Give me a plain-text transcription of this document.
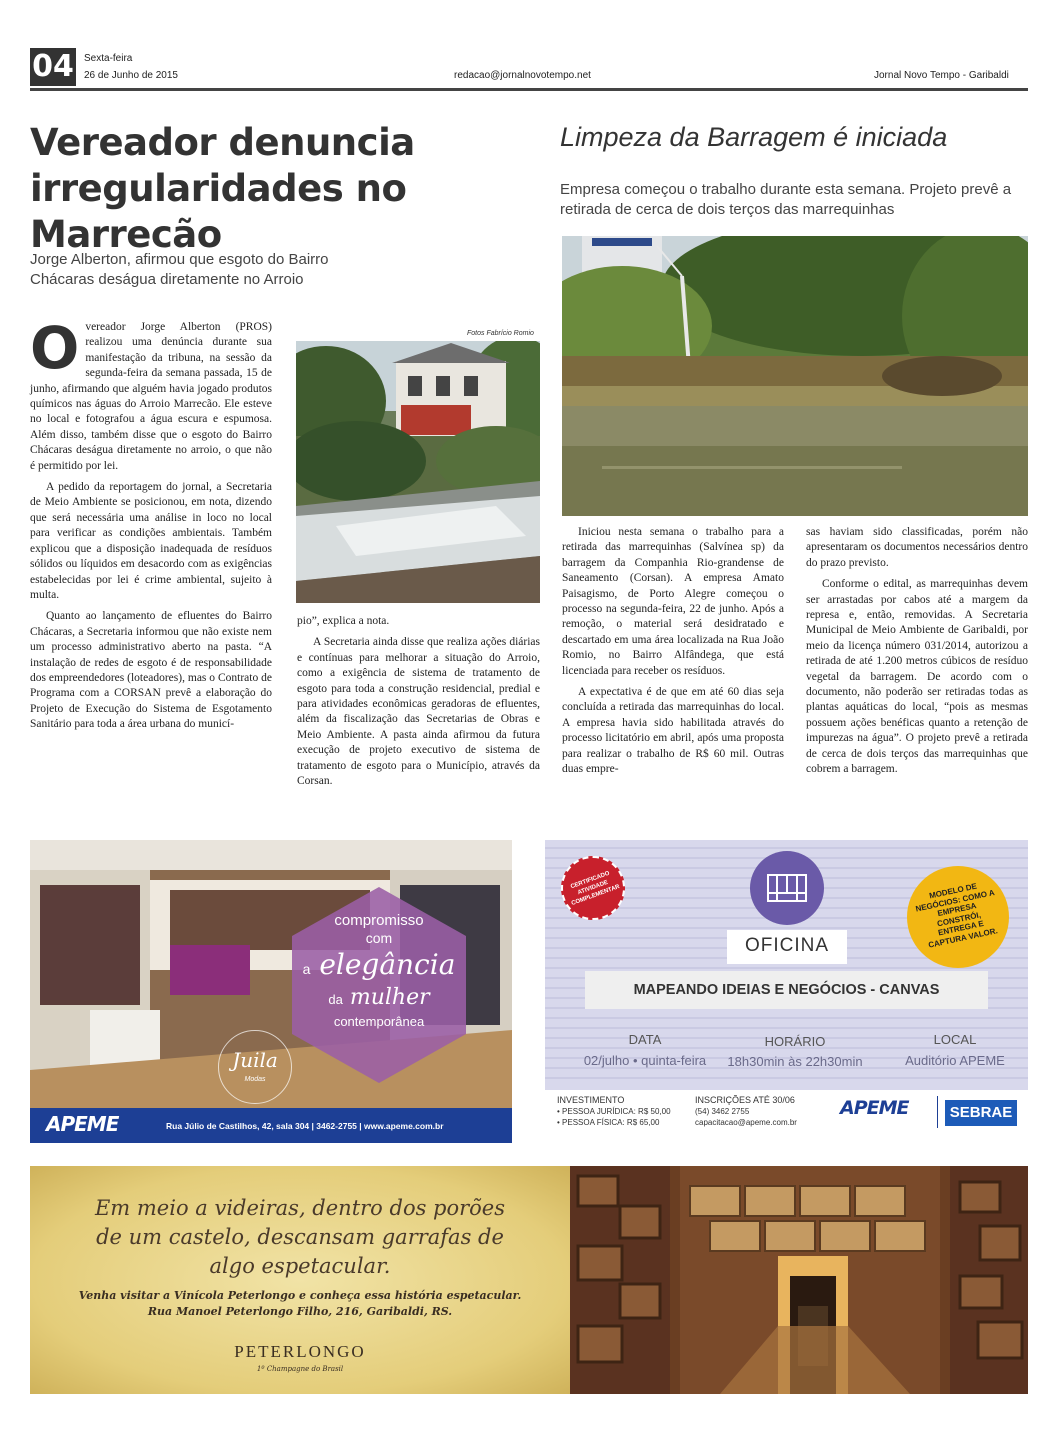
04 Sexta-feira
26 de Junho de 2015	redacao@jornalnovotempo.net	Jornal Novo Tempo - Garibaldi
Vereador denuncia irregularidades no Marrecão
Jorge Alberton, afirmou que esgoto do Bairro Chácaras deságua diretamente no Arroio

Overeador Jorge Alberton (PROS) realizou uma denúncia durante sua manifestação da tribuna, na sessão da segunda-feira da semana passada, 15 de junho, afirmando que alguém havia jogado produtos químicos nas águas do Arroio Marrecão. Ele esteve no local e fotografou a água escura e espumosa. Além disso, também disse que o esgoto do Bairro Chácaras deságua diretamente no arroio, o que não é permitido por lei.

A pedido da reportagem do jornal, a Secretaria de Meio Ambiente se posicionou, em nota, dizendo que será necessária uma análise in loco no local para verificar as condições ambientais. Também explicou que a disposição inadequada de resíduos sólidos ou líquidos em desacordo com as exigências estabelecidas por lei é crime ambiental, sujeito à multa.

Quanto ao lançamento de efluentes do Bairro Chácaras, a Secretaria informou que não existe nem um processo administrativo aberto na pasta. “A instalação de redes de esgoto é de responsabilidade dos empreendedores (loteadores), mas o Contrato de Programa com a CORSAN prevê a elaboração do Projeto de Execução do Sistema de Esgotamento Sanitário para toda a área urbana do municí-

Fotos Fabrício Romio

pio”, explica a nota.

A Secretaria ainda disse que realiza ações diárias e contínuas para melhorar a situação do Arroio, como a exigência de sistema de tratamento de esgoto para toda a construção residencial, predial e para atividades econômicas geradoras de efluentes, além da fiscalização das Secretarias de Obras e Meio Ambiente. A pasta ainda afirmou da futura execução de projeto executivo de sistema de tratamento de esgoto para o Município, através da Corsan.

Limpeza da Barragem é iniciada
Empresa começou o trabalho durante esta semana. Projeto prevê a retirada de cerca de dois terços das marrequinhas

Iniciou nesta semana o trabalho para a retirada das marrequinhas (Salvínea sp) da barragem da Companhia Rio-grandense de Saneamento (Corsan). A empresa Amato Paisagismo, de Porto Alegre começou o processo na segunda-feira, 22 de junho. Após a remoção, o material será desidratado e descartado em uma área localizada na Rua João Romio, no Bairro Alfândega, que está licenciada para receber os resíduos.

A expectativa é de que em até 60 dias seja concluída a retirada das marrequinhas do local. A empresa havia sido habilitada através do processo licitatório em abril, após uma proposta para realizar o trabalho de R$ 60 mil. Outras duas empre-

sas haviam sido classificadas, porém não apresentaram os documentos necessários dentro do prazo previsto.

Conforme o edital, as marrequinhas devem ser arrastadas por cabos até a margem da represa e, então, removidas. A Secretaria Municipal de Meio Ambiente de Garibaldi, por meio da licença número 031/2014, autorizou a retirada de até 1.200 metros cúbicos de resíduo vegetal da barragem. De acordo com o documento, não poderão ser retiradas todas as plantas aquáticas do local, “pois as mesmas possuem ações benéficas quanto a retenção de impurezas na água”. O projeto prevê a retirada de cerca de dois terços das marrequinhas que cobrem a barragem.

compromisso
com
a elegância
da mulher
contemporânea
Juila
Modas
APEME	Rua Júlio de Castilhos, 42, sala 304 | 3462-2755 | www.apeme.com.br
CERTIFICADO ATIVIDADE COMPLEMENTAR	MODELO DE NEGÓCIOS: COMO A EMPRESA CONSTRÓI, ENTREGA E CAPTURA VALOR.
OFICINA
MAPEANDO IDEIAS E NEGÓCIOS - CANVAS
DATA
02/julho • quinta-feira
HORÁRIO
18h30min às 22h30min
LOCAL
Auditório APEME
INVESTIMENTO
• PESSOA JURÍDICA: R$ 50,00
• PESSOA FÍSICA: R$ 65,00
INSCRIÇÕES ATÉ 30/06
(54) 3462 2755
capacitacao@apeme.com.br
APEME	SEBRAE
Em meio a videiras, dentro dos porões
de um castelo, descansam garrafas de
algo espetacular.
Venha visitar a Vinícola Peterlongo e conheça essa história espetacular.
Rua Manoel Peterlongo Filho, 216, Garibaldi, RS.
PETERLONGO
1º Champagne do Brasil
